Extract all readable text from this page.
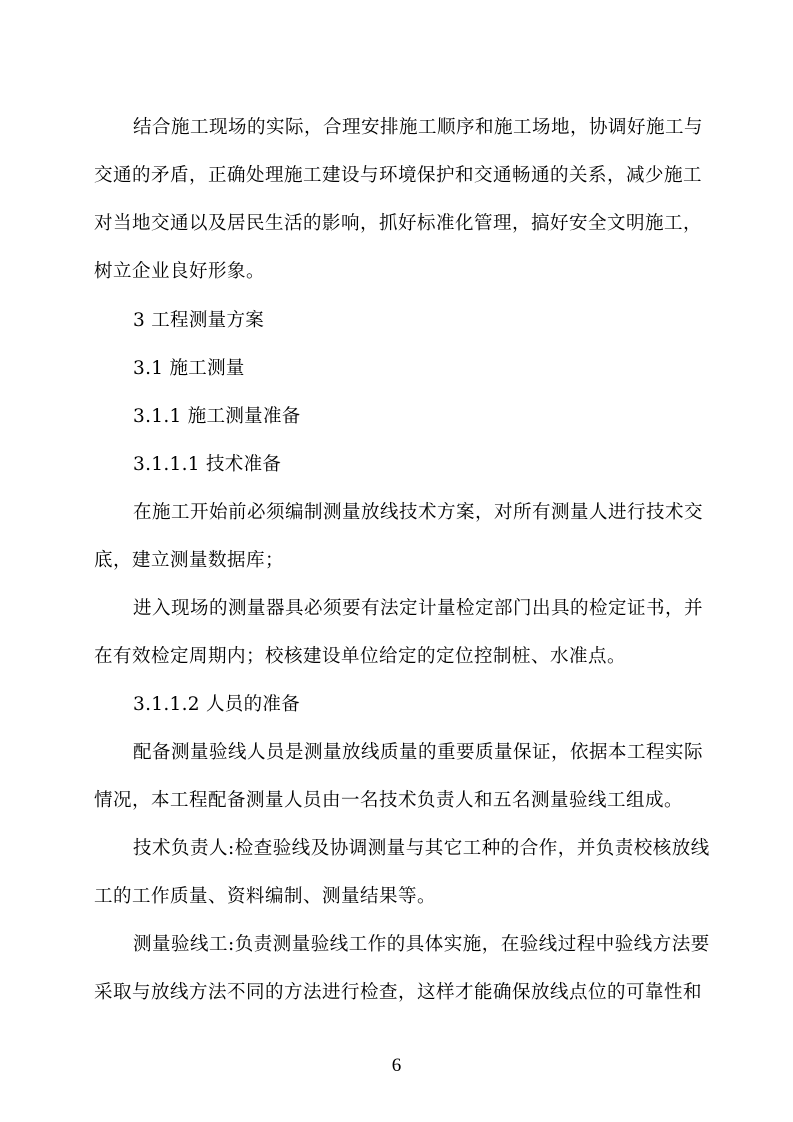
结合施工现场的实际，合理安排施工顺序和施工场地，协调好施工与
交通的矛盾，正确处理施工建设与环境保护和交通畅通的关系，减少施工
对当地交通以及居民生活的影响，抓好标准化管理，搞好安全文明施工，
树立企业良好形象。
3 工程测量方案
3.1 施工测量
3.1.1 施工测量准备
3.1.1.1 技术准备
在施工开始前必须编制测量放线技术方案，对所有测量人进行技术交
底，建立测量数据库；
进入现场的测量器具必须要有法定计量检定部门出具的检定证书，并
在有效检定周期内；校核建设单位给定的定位控制桩、水准点。
3.1.1.2 人员的准备
配备测量验线人员是测量放线质量的重要质量保证，依据本工程实际
情况，本工程配备测量人员由一名技术负责人和五名测量验线工组成。
技术负责人:检查验线及协调测量与其它工种的合作，并负责校核放线
工的工作质量、资料编制、测量结果等。
测量验线工:负责测量验线工作的具体实施，在验线过程中验线方法要
采取与放线方法不同的方法进行检查，这样才能确保放线点位的可靠性和
6
